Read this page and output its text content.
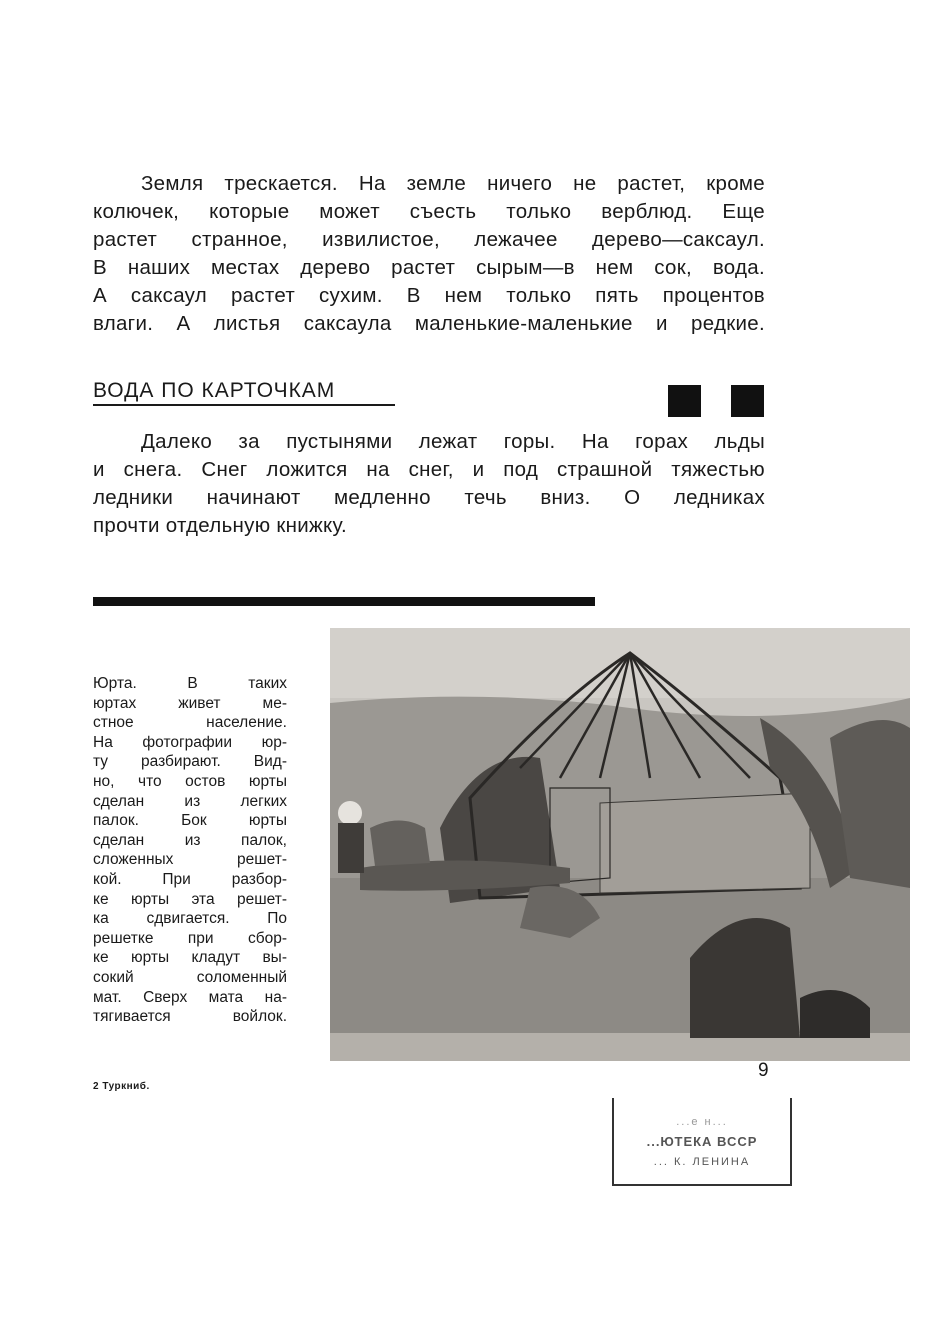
Земля трескается. На земле ничего не растет, кроме
колючек, которые может съесть только верблюд. Еще
растет странное, извилистое, лежачее дерево—саксаул.
В наших местах дерево растет сырым—в нем сок, вода.
А саксаул растет сухим. В нем только пять процентов
влаги. А листья саксаула маленькие-маленькие и редкие.
ВОДА ПО КАРТОЧКАМ
Далеко за пустынями лежат горы. На горах льды
и снега. Снег ложится на снег, и под страшной тяжестью
ледники начинают медленно течь вниз. О ледниках
прочти отдельную книжку.
Юрта. В таких
юртах живет ме-
стное население.
На фотографии юр-
ту разбирают. Вид-
но, что остов юрты
сделан из легких
палок. Бок юрты
сделан из палок,
сложенных решет-
кой. При разбор-
ке юрты эта решет-
ка сдвигается. По
решетке при сбор-
ке юрты кладут вы-
сокий соломенный
мат. Сверх мата на-
тягивается войлок.
9
2 Туркниб.
...е н...
...ЮТЕКА ВССР
... К. ЛЕНИНА
